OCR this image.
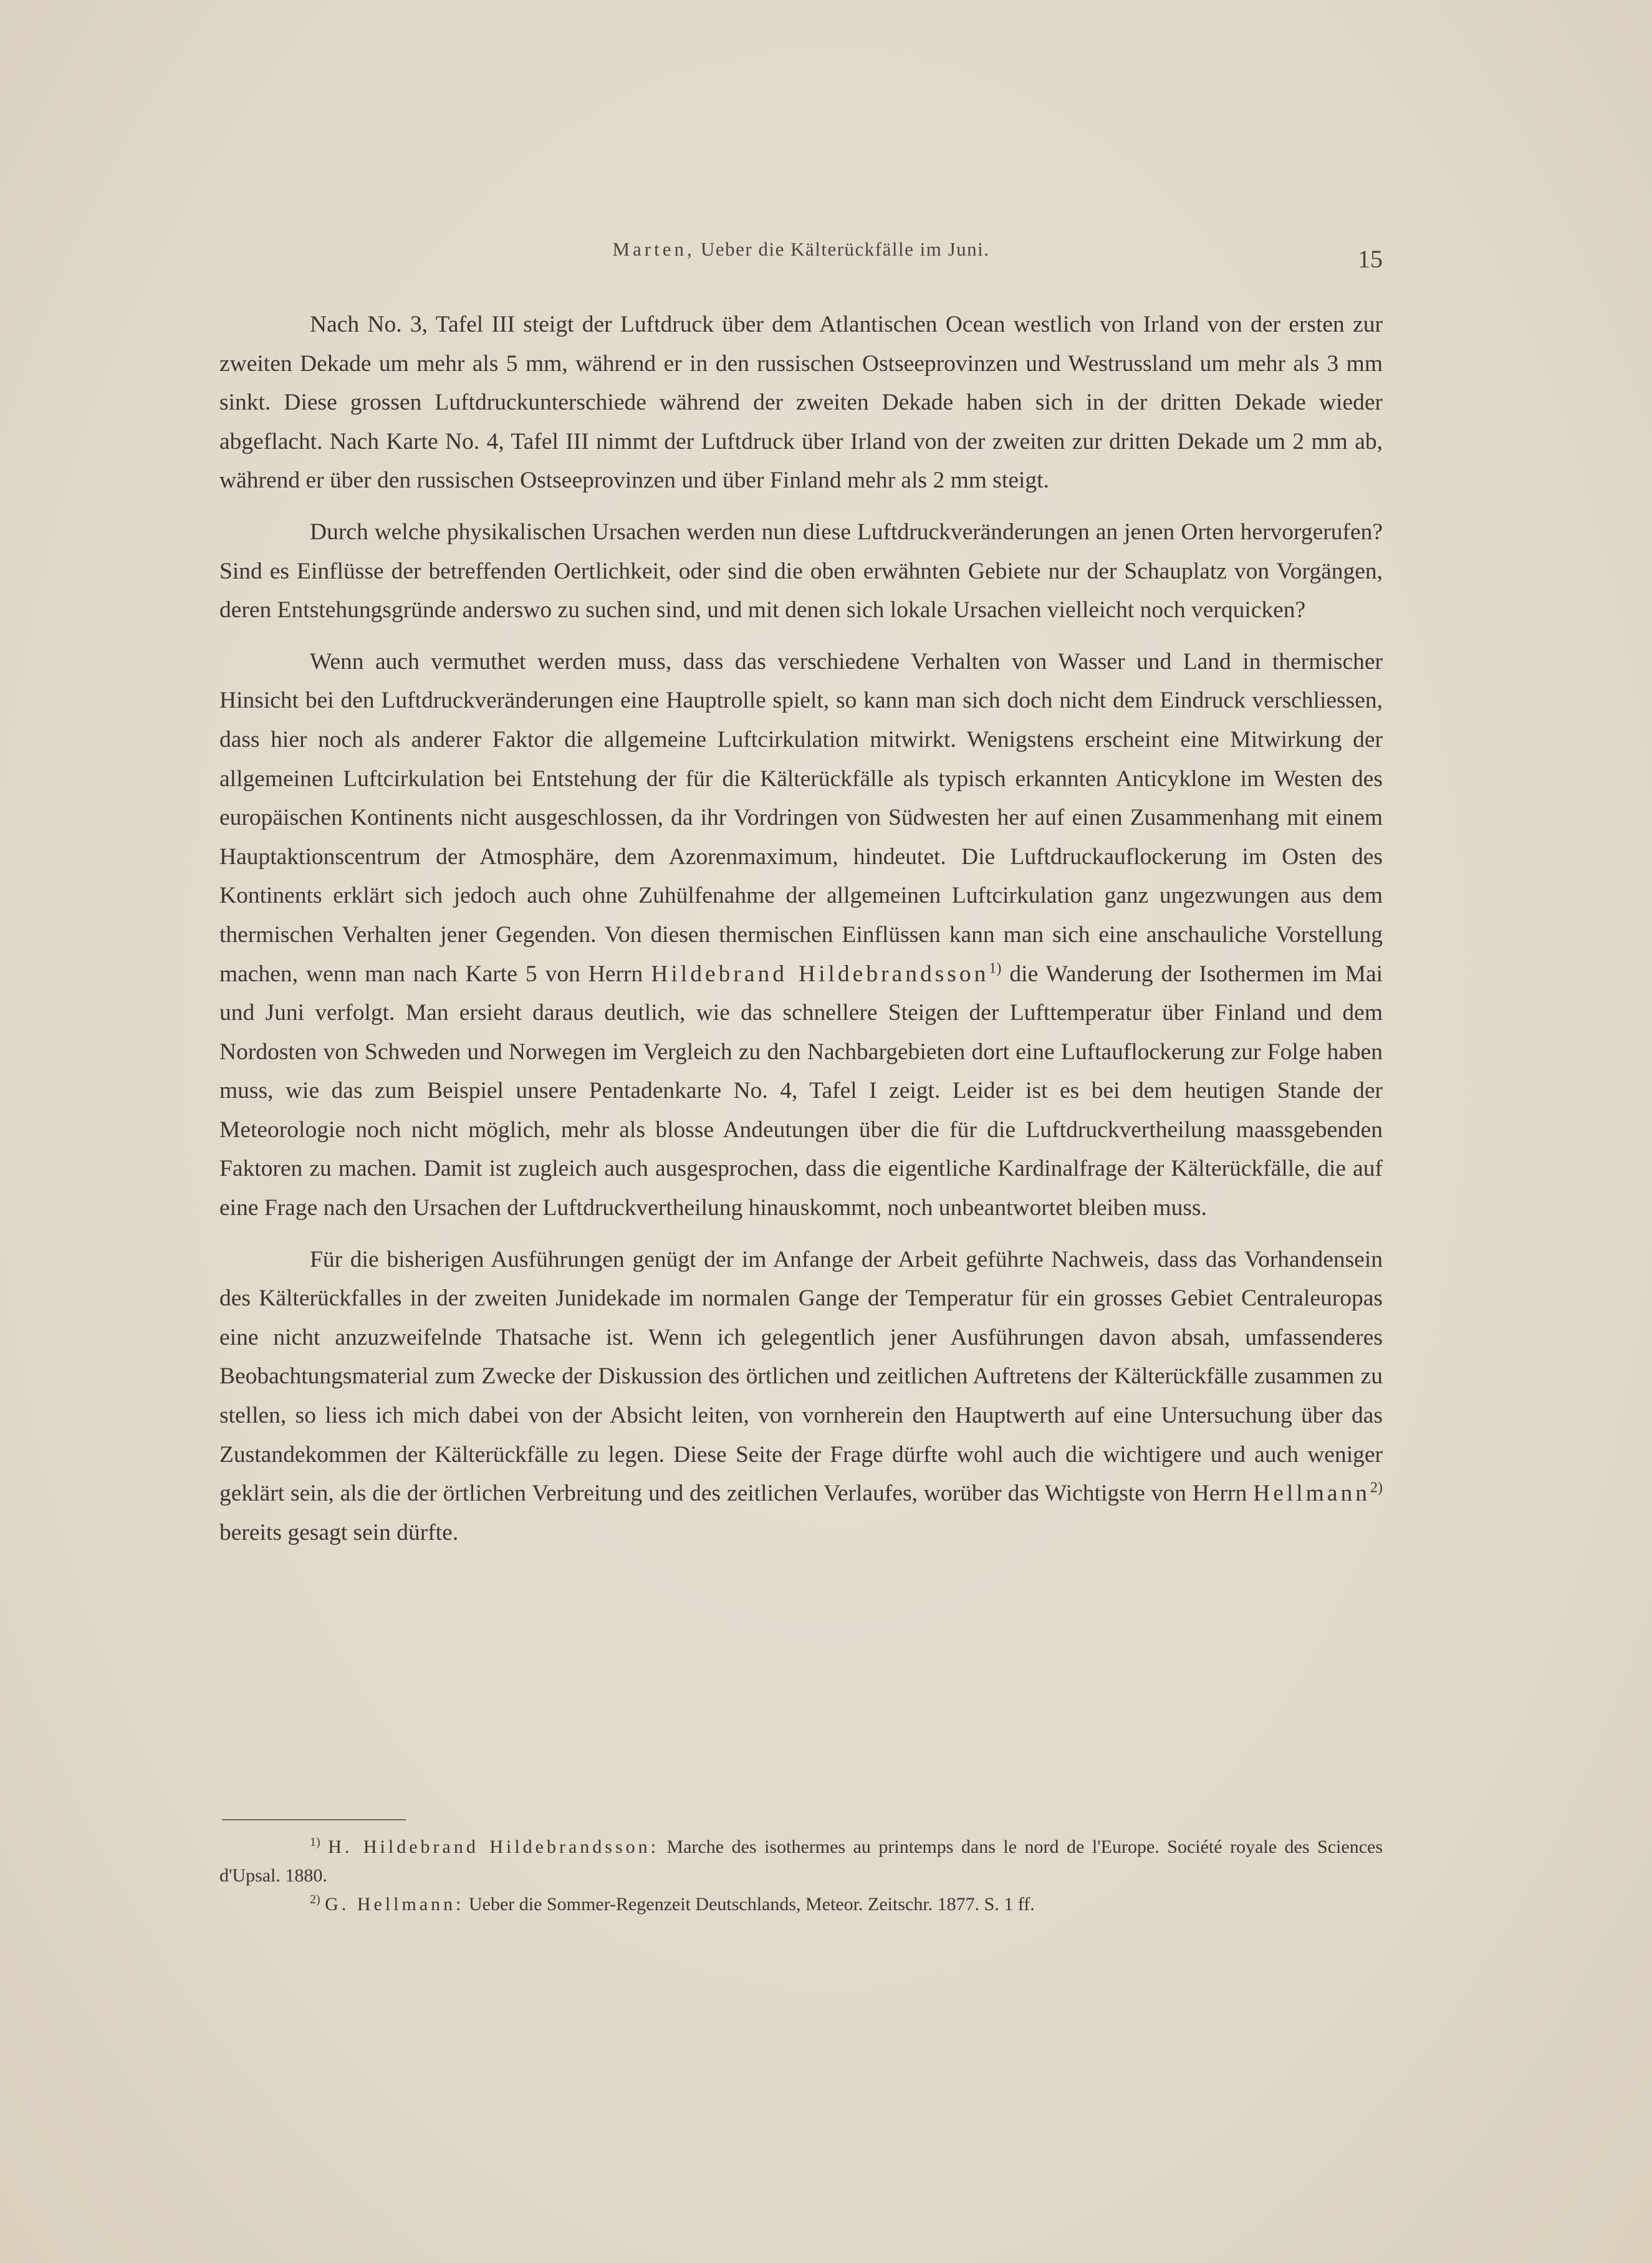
Marten, Ueber die Kälterückfälle im Juni.	15

Nach No. 3, Tafel III steigt der Luftdruck über dem Atlantischen Ocean westlich von Irland von der ersten zur zweiten Dekade um mehr als 5 mm, während er in den russischen Ostseeprovinzen und Westrussland um mehr als 3 mm sinkt. Diese grossen Luftdruckunterschiede während der zweiten Dekade haben sich in der dritten Dekade wieder abgeflacht. Nach Karte No. 4, Tafel III nimmt der Luftdruck über Irland von der zweiten zur dritten Dekade um 2 mm ab, während er über den russischen Ostseeprovinzen und über Finland mehr als 2 mm steigt.

Durch welche physikalischen Ursachen werden nun diese Luftdruckveränderungen an jenen Orten hervorgerufen? Sind es Einflüsse der betreffenden Oertlichkeit, oder sind die oben erwähnten Gebiete nur der Schauplatz von Vorgängen, deren Entstehungsgründe anderswo zu suchen sind, und mit denen sich lokale Ursachen vielleicht noch verquicken?

Wenn auch vermuthet werden muss, dass das verschiedene Verhalten von Wasser und Land in thermischer Hinsicht bei den Luftdruckveränderungen eine Hauptrolle spielt, so kann man sich doch nicht dem Eindruck verschliessen, dass hier noch als anderer Faktor die allgemeine Luftcirkulation mitwirkt. Wenigstens erscheint eine Mitwirkung der allgemeinen Luftcirkulation bei Entstehung der für die Kälterückfälle als typisch erkannten Anticyklone im Westen des europäischen Kontinents nicht ausgeschlossen, da ihr Vordringen von Südwesten her auf einen Zusammenhang mit einem Hauptaktionscentrum der Atmosphäre, dem Azorenmaximum, hindeutet. Die Luftdruckauflockerung im Osten des Kontinents erklärt sich jedoch auch ohne Zuhülfenahme der allgemeinen Luftcirkulation ganz ungezwungen aus dem thermischen Verhalten jener Gegenden. Von diesen thermischen Einflüssen kann man sich eine anschauliche Vorstellung machen, wenn man nach Karte 5 von Herrn Hildebrand Hildebrandsson$^{1)}$ die Wanderung der Isothermen im Mai und Juni verfolgt. Man ersieht daraus deutlich, wie das schnellere Steigen der Lufttemperatur über Finland und dem Nordosten von Schweden und Norwegen im Vergleich zu den Nachbargebieten dort eine Luftauflockerung zur Folge haben muss, wie das zum Beispiel unsere Pentadenkarte No. 4, Tafel I zeigt. Leider ist es bei dem heutigen Stande der Meteorologie noch nicht möglich, mehr als blosse Andeutungen über die für die Luftdruckvertheilung maassgebenden Faktoren zu machen. Damit ist zugleich auch ausgesprochen, dass die eigentliche Kardinalfrage der Kälterückfälle, die auf eine Frage nach den Ursachen der Luftdruckvertheilung hinauskommt, noch unbeantwortet bleiben muss.

Für die bisherigen Ausführungen genügt der im Anfange der Arbeit geführte Nachweis, dass das Vorhandensein des Kälterückfalles in der zweiten Junidekade im normalen Gange der Temperatur für ein grosses Gebiet Centraleuropas eine nicht anzuzweifelnde Thatsache ist. Wenn ich gelegentlich jener Ausführungen davon absah, umfassenderes Beobachtungsmaterial zum Zwecke der Diskussion des örtlichen und zeitlichen Auftretens der Kälterückfälle zusammen zu stellen, so liess ich mich dabei von der Absicht leiten, von vornherein den Hauptwerth auf eine Untersuchung über das Zustandekommen der Kälterückfälle zu legen. Diese Seite der Frage dürfte wohl auch die wichtigere und auch weniger geklärt sein, als die der örtlichen Verbreitung und des zeitlichen Verlaufes, worüber das Wichtigste von Herrn Hellmann$^{2)}$ bereits gesagt sein dürfte.

$^{1)}$ H. Hildebrand Hildebrandsson: Marche des isothermes au printemps dans le nord de l'Europe. Société royale des Sciences d'Upsal. 1880.

$^{2)}$ G. Hellmann: Ueber die Sommer-Regenzeit Deutschlands, Meteor. Zeitschr. 1877. S. 1 ff.
